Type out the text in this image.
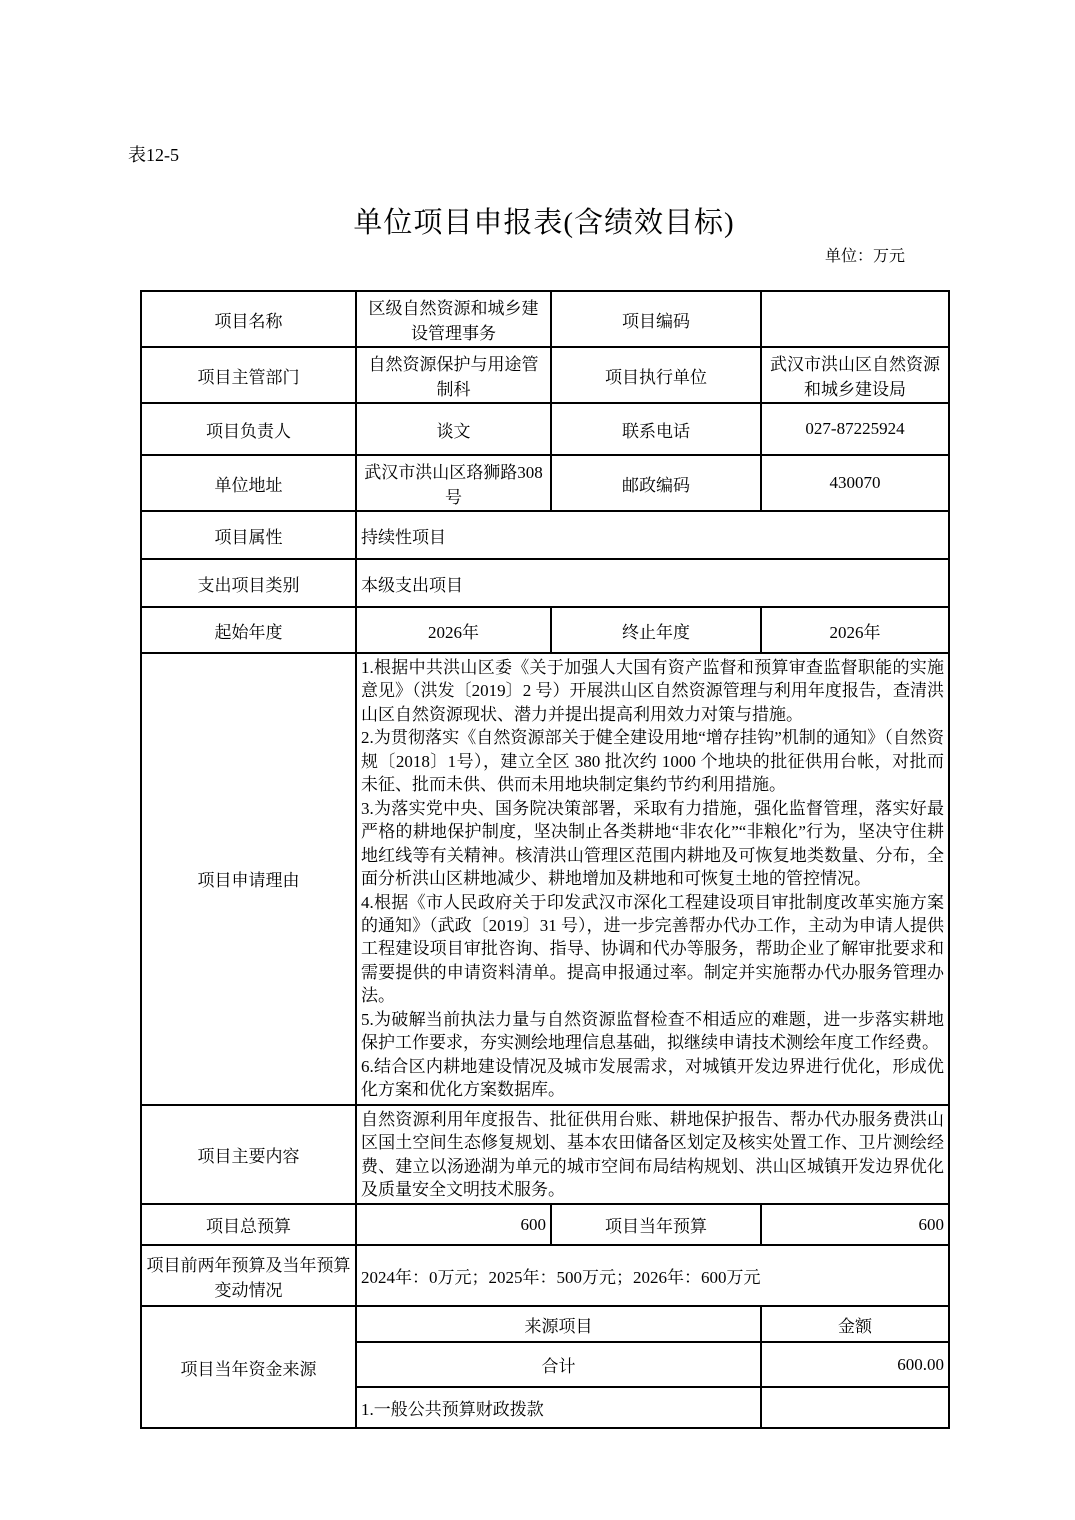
表12-5
单位项目申报表(含绩效目标)
单位：万元
项目名称	区级自然资源和城乡建设管理事务	项目编码	
项目主管部门	自然资源保护与用途管制科	项目执行单位	武汉市洪山区自然资源和城乡建设局
项目负责人	谈文	联系电话	027-87225924
单位地址	武汉市洪山区珞狮路308号	邮政编码	430070
项目属性	持续性项目		
支出项目类别	本级支出项目		
起始年度	2026年	终止年度	2026年
项目申请理由	

1.根据中共洪山区委《关于加强人大国有资产监督和预算审查监督职能的实施意见》（洪发〔2019〕2 号）开展洪山区自然资源管理与利用年度报告，查清洪山区自然资源现状、潜力并提出提高利用效力对策与措施。

2.为贯彻落实《自然资源部关于健全建设用地“增存挂钩”机制的通知》（自然资规〔2018〕1号），建立全区 380 批次约 1000 个地块的批征供用台帐，对批而未征、批而未供、供而未用地块制定集约节约利用措施。

3.为落实党中央、国务院决策部署，采取有力措施，强化监督管理，落实好最严格的耕地保护制度，坚决制止各类耕地“非农化”“非粮化”行为，坚决守住耕地红线等有关精神。核清洪山管理区范围内耕地及可恢复地类数量、分布，全面分析洪山区耕地减少、耕地增加及耕地和可恢复土地的管控情况。

4.根据《市人民政府关于印发武汉市深化工程建设项目审批制度改革实施方案的通知》（武政〔2019〕31 号），进一步完善帮办代办工作，主动为申请人提供工程建设项目审批咨询、指导、协调和代办等服务，帮助企业了解审批要求和需要提供的申请资料清单。提高申报通过率。制定并实施帮办代办服务管理办法。

5.为破解当前执法力量与自然资源监督检查不相适应的难题，进一步落实耕地保护工作要求，夯实测绘地理信息基础，拟继续申请技术测绘年度工作经费。

6.结合区内耕地建设情况及城市发展需求，对城镇开发边界进行优化，形成优化方案和优化方案数据库。

项目主要内容	自然资源利用年度报告、批征供用台账、耕地保护报告、帮办代办服务费洪山区国土空间生态修复规划、基本农田储备区划定及核实处置工作、卫片测绘经费、建立以汤逊湖为单元的城市空间布局结构规划、洪山区城镇开发边界优化及质量安全文明技术服务。		
项目总预算	600	项目当年预算	600
项目前两年预算及当年预算变动情况	2024年：0万元；2025年：500万元；2026年：600万元		
项目当年资金来源	来源项目		金额
	合计		600.00
	1.一般公共预算财政拨款		
